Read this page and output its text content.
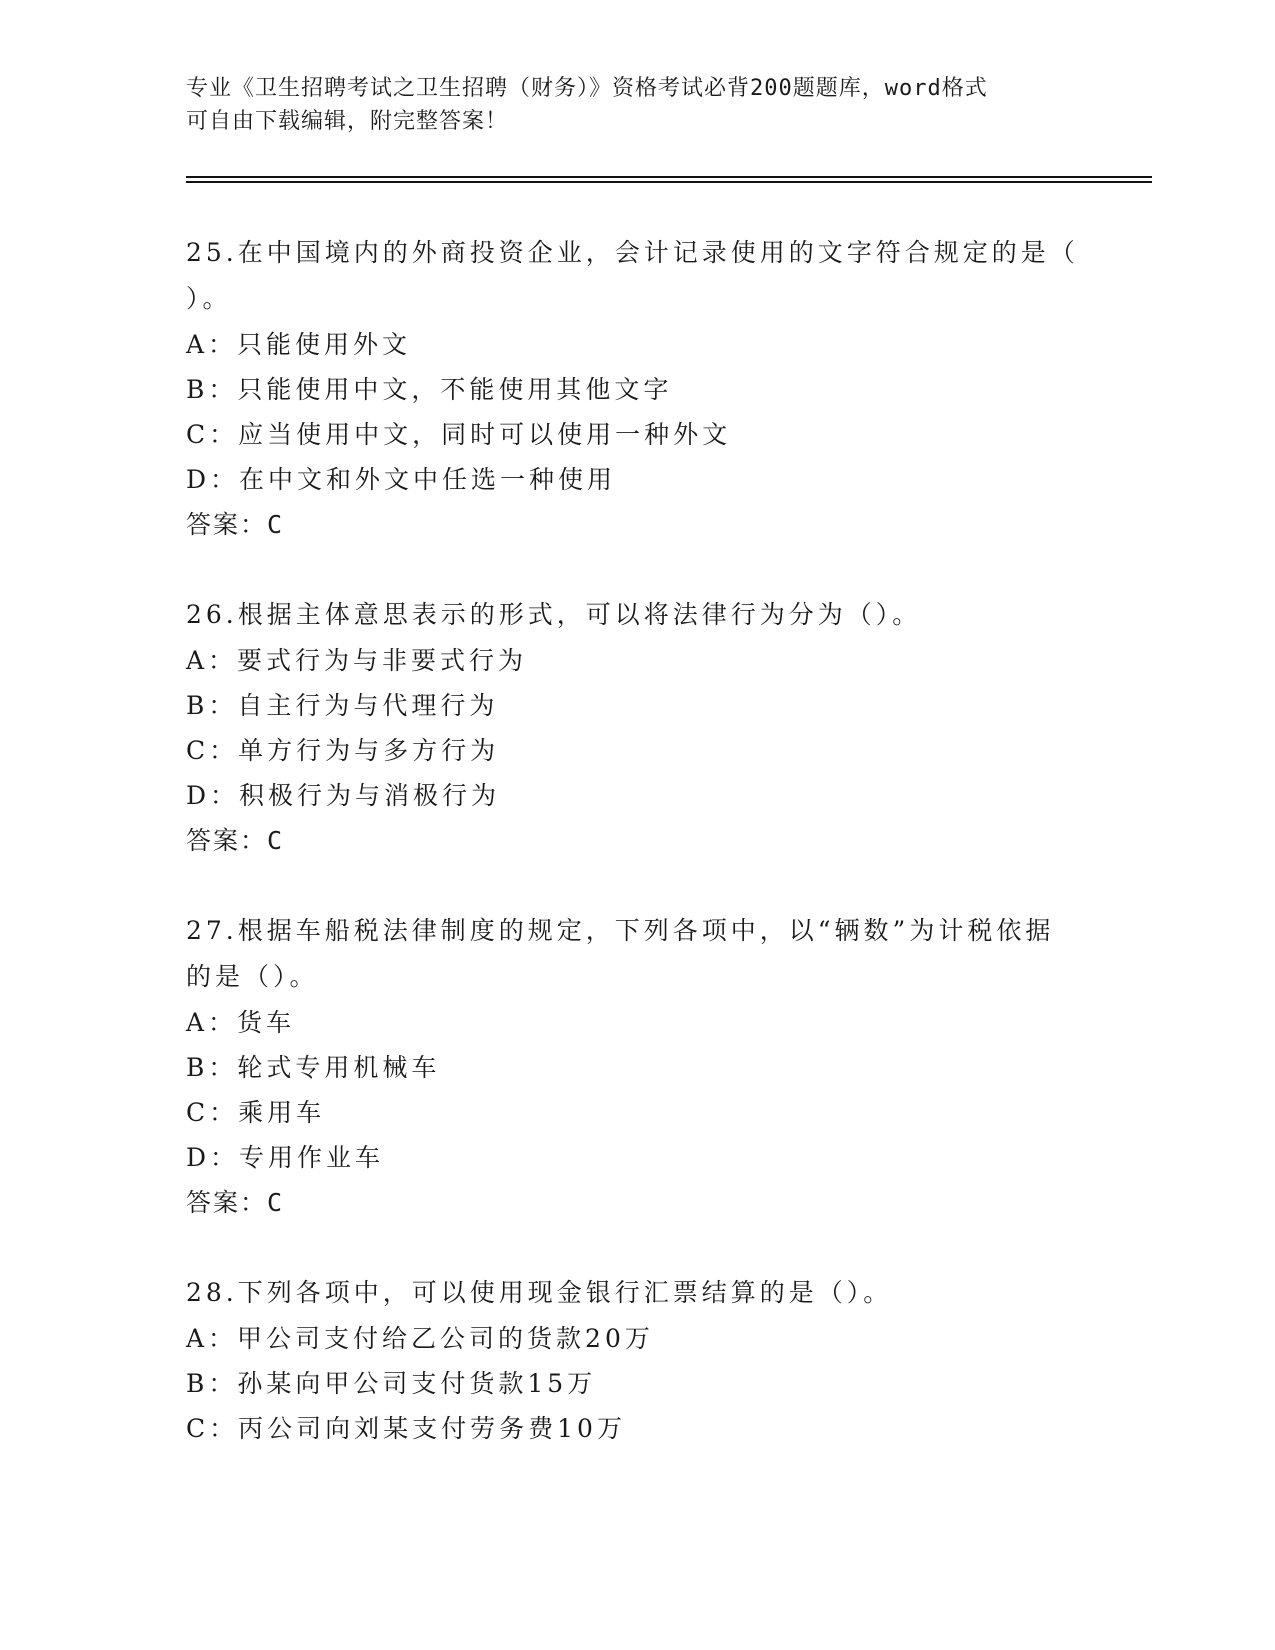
专业《卫生招聘考试之卫生招聘（财务）》资格考试必背200题题库，word格式
可自由下载编辑，附完整答案！
25.在中国境内的外商投资企业，会计记录使用的文字符合规定的是（
）。
A：只能使用外文
B：只能使用中文，不能使用其他文字
C：应当使用中文，同时可以使用一种外文
D：在中文和外文中任选一种使用
答案：C
26.根据主体意思表示的形式，可以将法律行为分为（）。
A：要式行为与非要式行为
B：自主行为与代理行为
C：单方行为与多方行为
D：积极行为与消极行为
答案：C
27.根据车船税法律制度的规定，下列各项中，以“辆数”为计税依据
的是（）。
A：货车
B：轮式专用机械车
C：乘用车
D：专用作业车
答案：C
28.下列各项中，可以使用现金银行汇票结算的是（）。
A：甲公司支付给乙公司的货款20万
B：孙某向甲公司支付货款15万
C：丙公司向刘某支付劳务费10万
